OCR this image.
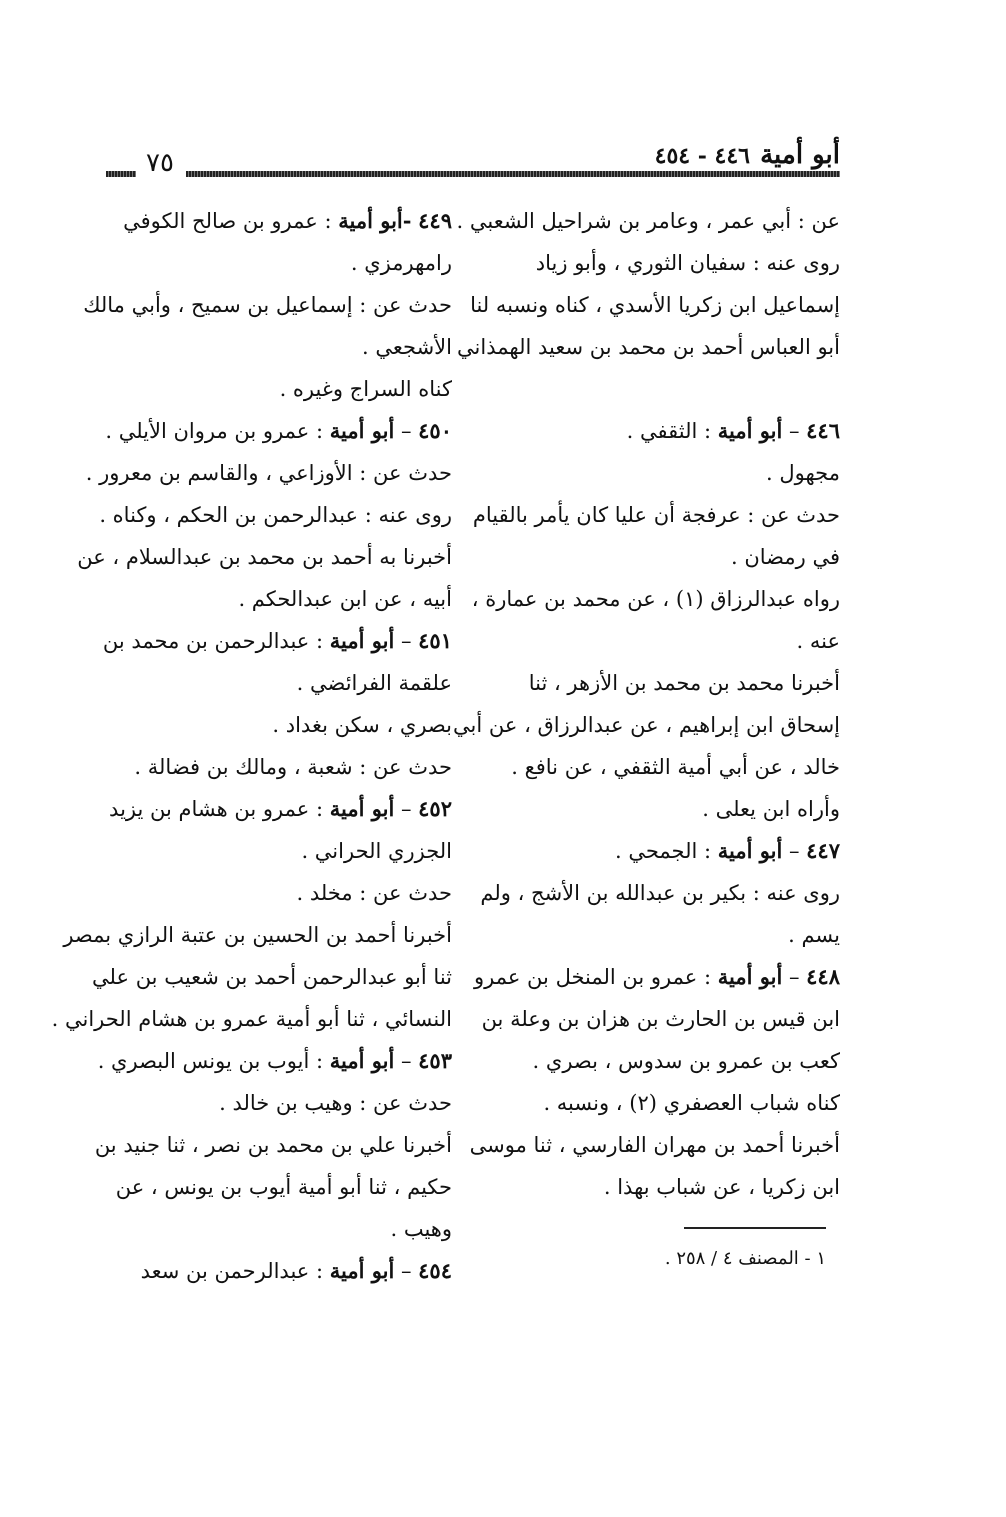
أبو أمية
٤٤٦ - ٤٥٤
٧٥
عن : أبي عمر ، وعامر بن شراحيل الشعبي .
روى عنه : سفيان الثوري ، وأبو زياد
إسماعيل ابن زكريا الأسدي ، كناه ونسبه لنا
أبو العباس أحمد بن محمد بن سعيد الهمذاني
٤٤٦ – أبو أمية : الثقفي .
مجهول .
حدث عن : عرفجة أن عليا كان يأمر بالقيام
في رمضان .
رواه عبدالرزاق (١) ، عن محمد بن عمارة ،
عنه .
أخبرنا محمد بن محمد بن الأزهر ، ثنا
إسحاق ابن إبراهيم ، عن عبدالرزاق ، عن أبي
خالد ، عن أبي أمية الثقفي ، عن نافع .
وأراه ابن يعلى .
٤٤٧ – أبو أمية : الجمحي .
روى عنه : بكير بن عبدالله بن الأشج ، ولم
يسم .
٤٤٨ – أبو أمية : عمرو بن المنخل بن عمرو
ابن قيس بن الحارث بن هزان بن وعلة بن
كعب بن عمرو بن سدوس ، بصري .
كناه شباب العصفري (٢) ، ونسبه .
أخبرنا أحمد بن مهران الفارسي ، ثنا موسى
ابن زكريا ، عن شباب بهذا .
١ - المصنف ٤ / ٢٥٨ .
٤٤٩ -أبو أمية : عمرو بن صالح الكوفي
رامهرمزي .
حدث عن : إسماعيل بن سميح ، وأبي مالك
الأشجعي .
كناه السراج وغيره .
٤٥٠ – أبو أمية : عمرو بن مروان الأيلي .
حدث عن : الأوزاعي ، والقاسم بن معرور .
روى عنه : عبدالرحمن بن الحكم ، وكناه .
أخبرنا به أحمد بن محمد بن عبدالسلام ، عن
أبيه ، عن ابن عبدالحكم .
٤٥١ – أبو أمية : عبدالرحمن بن محمد بن
علقمة الفرائضي .
بصري ، سكن بغداد .
حدث عن : شعبة ، ومالك بن فضالة .
٤٥٢ – أبو أمية : عمرو بن هشام بن يزيد
الجزري الحراني .
حدث عن : مخلد .
أخبرنا أحمد بن الحسين بن عتبة الرازي بمصر
ثنا أبو عبدالرحمن أحمد بن شعيب بن علي
النسائي ، ثنا أبو أمية عمرو بن هشام الحراني .
٤٥٣ – أبو أمية : أيوب بن يونس البصري .
حدث عن : وهيب بن خالد .
أخبرنا علي بن محمد بن نصر ، ثنا جنيد بن
حكيم ، ثنا أبو أمية أيوب بن يونس ، عن
وهيب .
٤٥٤ – أبو أمية : عبدالرحمن بن سعد
